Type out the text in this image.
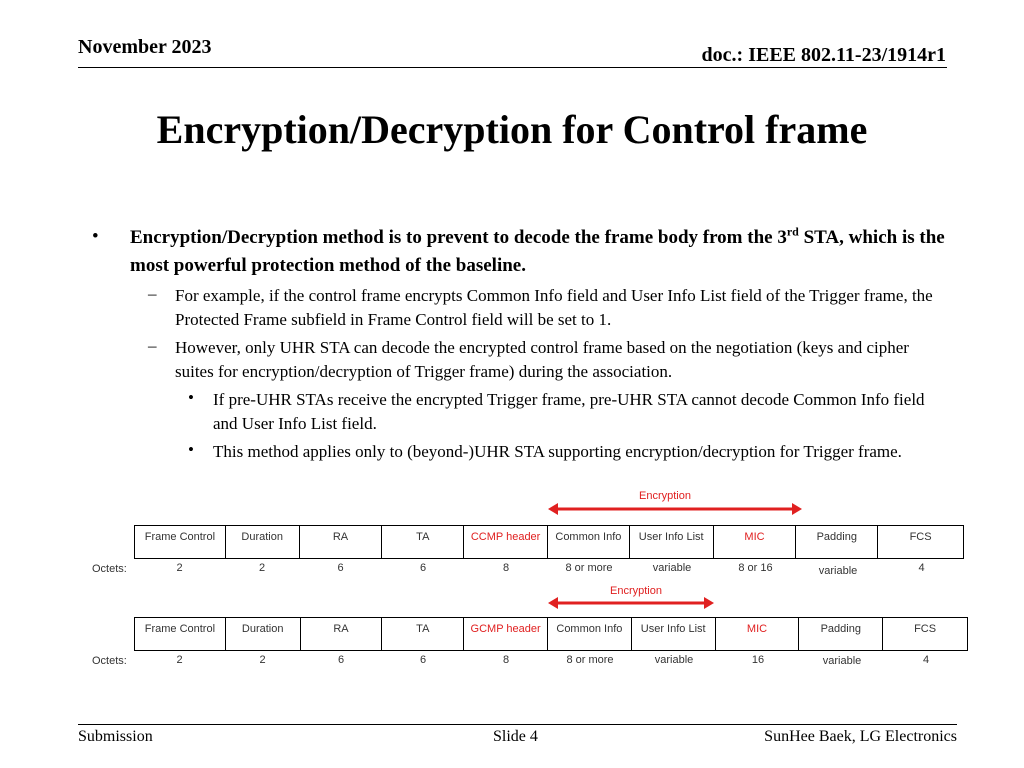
November 2023	doc.: IEEE 802.11-23/1914r1
Encryption/Decryption for Control frame
• Encryption/Decryption method is to prevent to decode the frame body from the 3rd STA, which is the most powerful protection method of the baseline.
– For example, if the control frame encrypts Common Info field and User Info List field of the Trigger frame, the Protected Frame subfield in Frame Control field will be set to 1.
– However, only UHR STA can decode the encrypted control frame based on the negotiation (keys and cipher suites for encryption/decryption of Trigger frame) during the association.
• If pre-UHR STAs receive the encrypted Trigger frame, pre-UHR STA cannot decode Common Info field and User Info List field.
• This method applies only to (beyond-)UHR STA supporting encryption/decryption for Trigger frame.
Encryption
Frame Control	Duration	RA	TA	CCMP header	Common Info	User Info List	MIC	Padding	FCS
2	2	6	6	8	8 or more	variable	8 or 16	variable	4
Octets:
Encryption
Frame Control	Duration	RA	TA	GCMP header	Common Info	User Info List	MIC	Padding	FCS
2	2	6	6	8	8 or more	variable	16	variable	4
Octets:
Submission	Slide 4	SunHee Baek, LG Electronics
